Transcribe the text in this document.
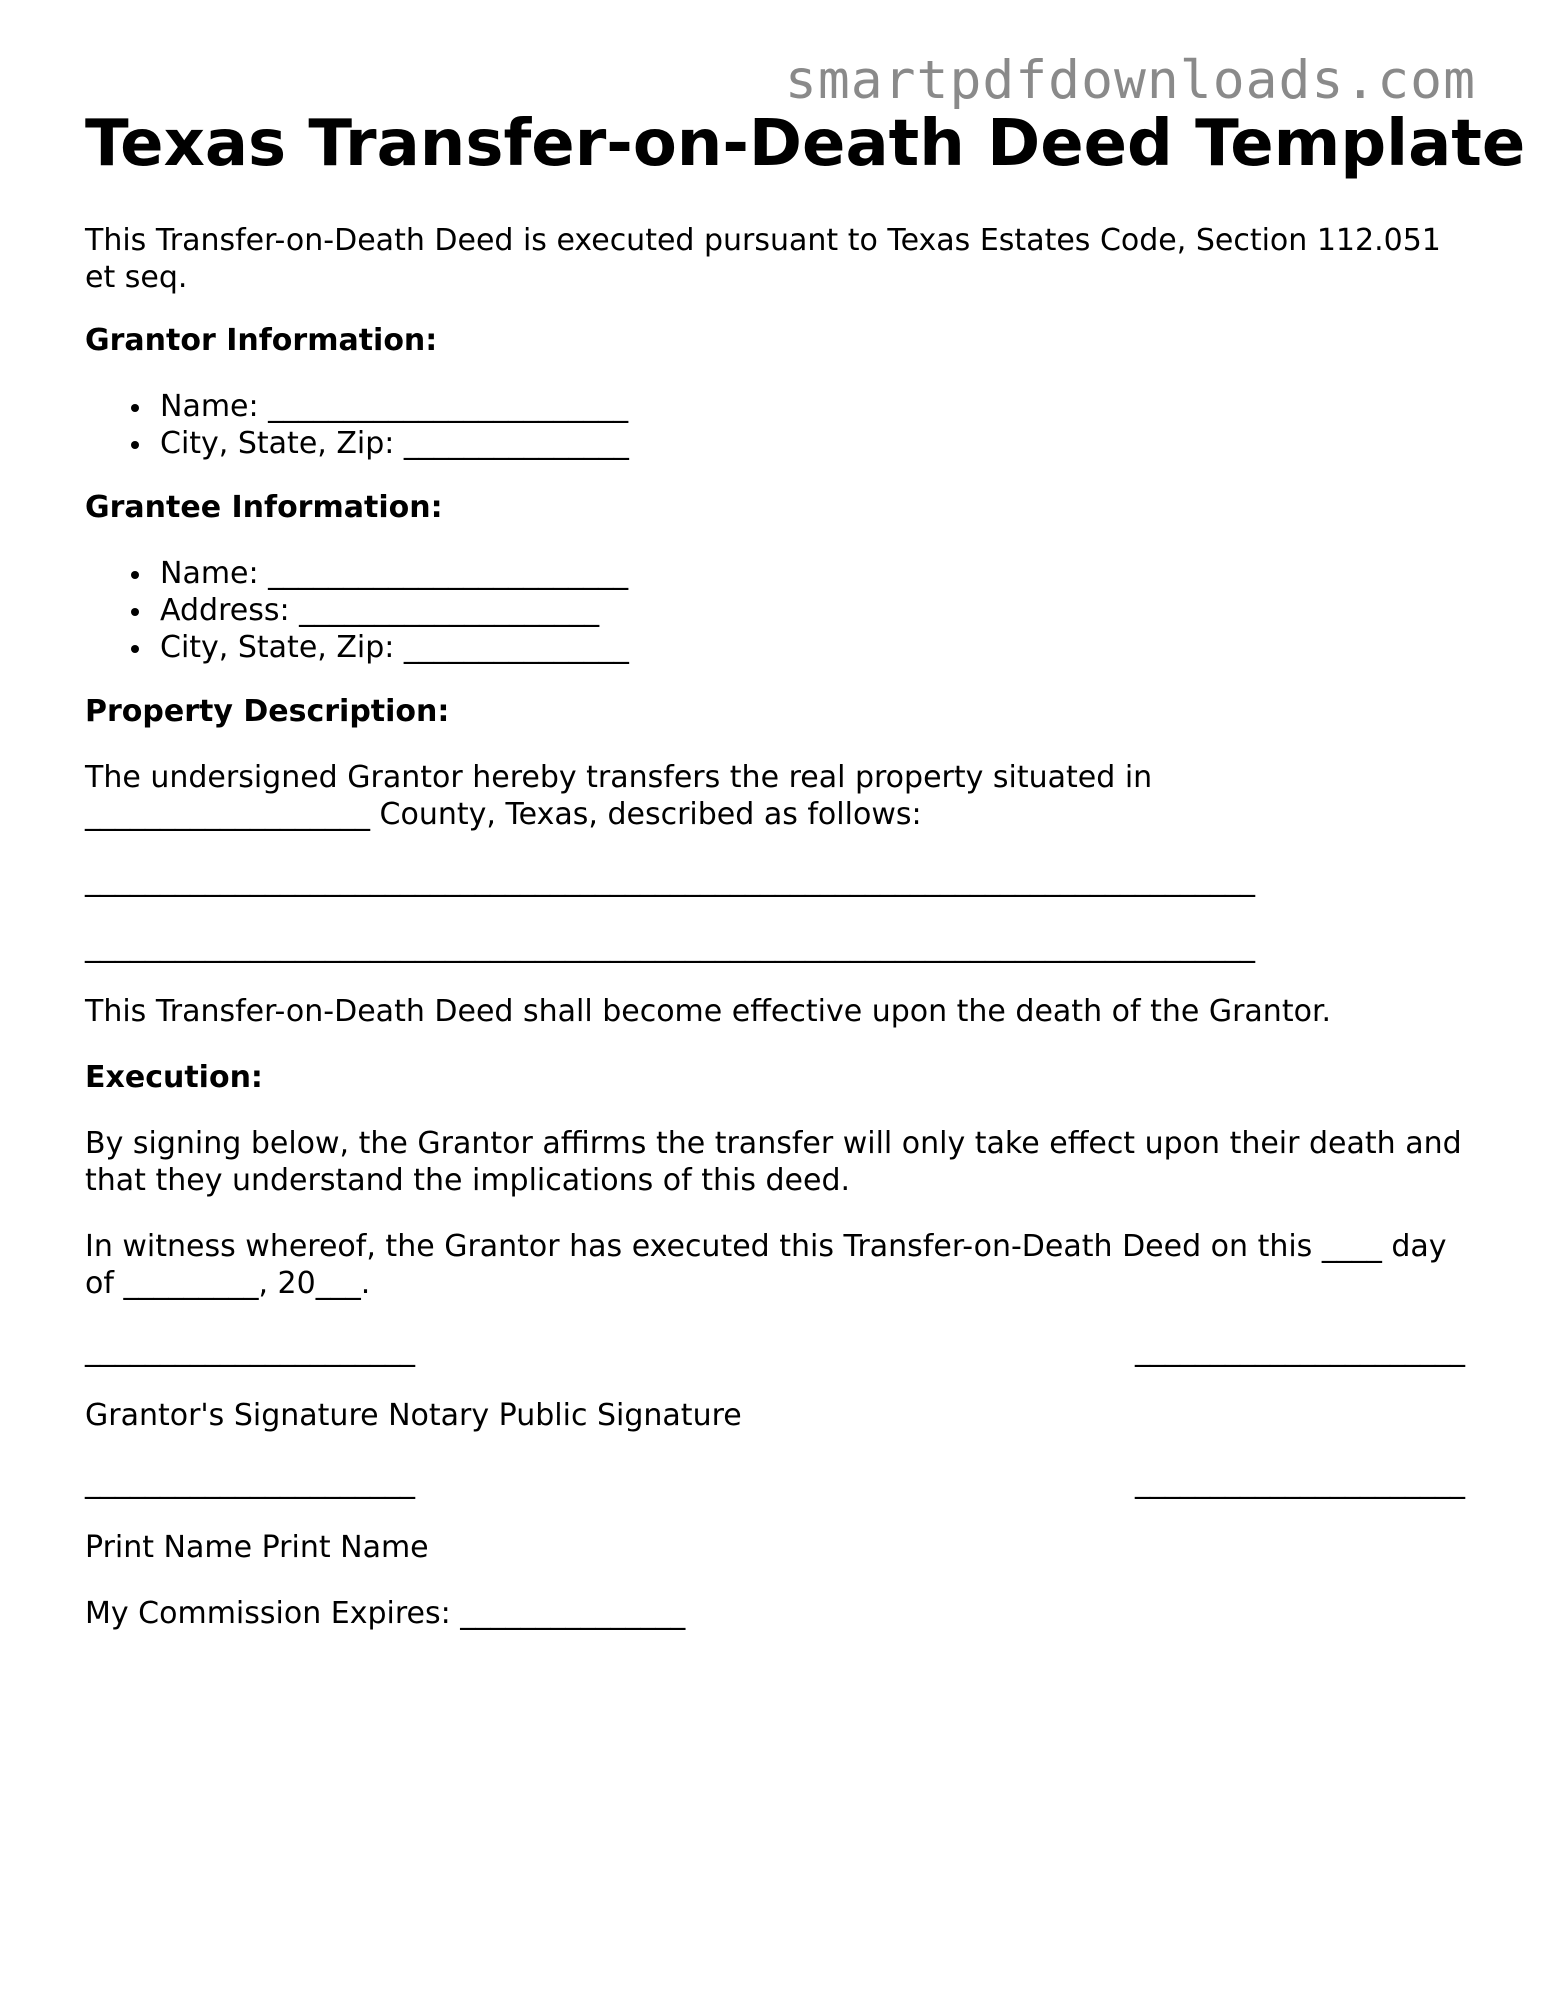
smartpdfdownloads.com
Texas Transfer-on-Death Deed Template

This Transfer-on-Death Deed is executed pursuant to Texas Estates Code, Section 112.051 et seq.

Grantor Information:
Name: ________________________
City, State, Zip: _______________
Grantee Information:
Name: ________________________
Address: ____________________
City, State, Zip: _______________
Property Description:
The undersigned Grantor hereby transfers the real property situated in
___________________ County, Texas, described as follows:
______________________________________________________________________________
______________________________________________________________________________

This Transfer-on-Death Deed shall become effective upon the death of the Grantor.

Execution:

By signing below, the Grantor affirms the transfer will only take effect upon their death and that they understand the implications of this deed.

In witness whereof, the Grantor has executed this Transfer-on-Death Deed on this ____ day
of _________, 20___.
______________________	______________________
Grantor's Signature Notary Public Signature
______________________	______________________
Print Name Print Name
My Commission Expires: _______________
